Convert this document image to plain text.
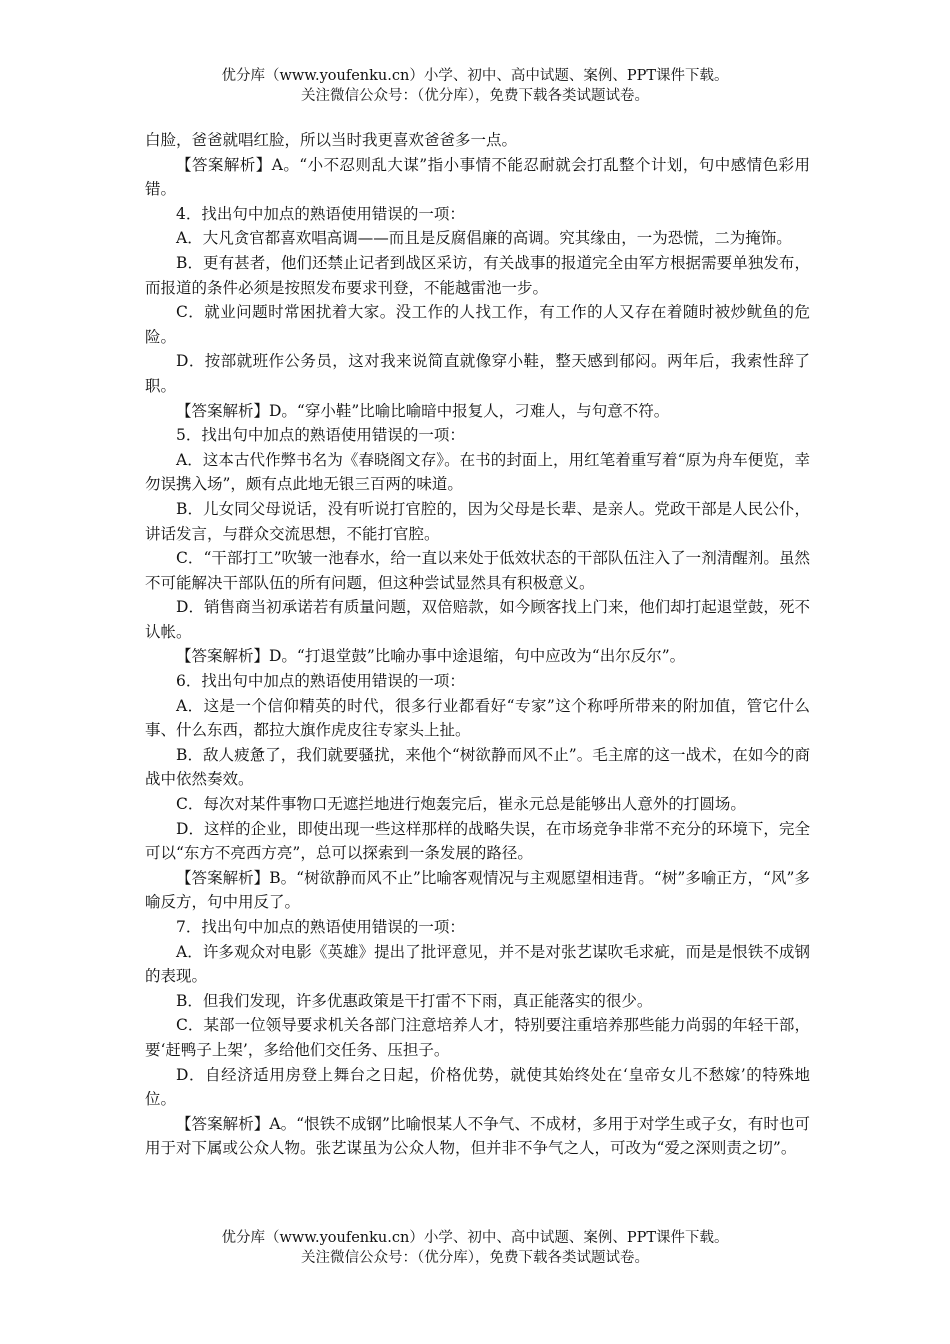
优分库（www.youfenku.cn）小学、初中、高中试题、案例、PPT课件下载。
关注微信公众号：（优分库），免费下载各类试题试卷。

白脸，爸爸就唱红脸，所以当时我更喜欢爸爸多一点。

【答案解析】A。“小不忍则乱大谋”指小事情不能忍耐就会打乱整个计划，句中感情色彩用错。

4．找出句中加点的熟语使用错误的一项：

A．大凡贪官都喜欢唱高调——而且是反腐倡廉的高调。究其缘由，一为恐慌，二为掩饰。

B．更有甚者，他们还禁止记者到战区采访，有关战事的报道完全由军方根据需要单独发布，而报道的条件必须是按照发布要求刊登，不能越雷池一步。

C．就业问题时常困扰着大家。没工作的人找工作，有工作的人又存在着随时被炒鱿鱼的危险。

D．按部就班作公务员，这对我来说简直就像穿小鞋，整天感到郁闷。两年后，我索性辞了职。

【答案解析】D。“穿小鞋”比喻比喻暗中报复人，刁难人，与句意不符。

5．找出句中加点的熟语使用错误的一项：

A．这本古代作弊书名为《春晓阁文存》。在书的封面上，用红笔着重写着“原为舟车便览，幸勿误携入场”，颇有点此地无银三百两的味道。

B．儿女同父母说话，没有听说打官腔的，因为父母是长辈、是亲人。党政干部是人民公仆，讲话发言，与群众交流思想，不能打官腔。

C．“干部打工”吹皱一池春水，给一直以来处于低效状态的干部队伍注入了一剂清醒剂。虽然不可能解决干部队伍的所有问题，但这种尝试显然具有积极意义。

D．销售商当初承诺若有质量问题，双倍赔款，如今顾客找上门来，他们却打起退堂鼓，死不认帐。

【答案解析】D。“打退堂鼓”比喻办事中途退缩，句中应改为“出尔反尔”。

6．找出句中加点的熟语使用错误的一项：

A．这是一个信仰精英的时代，很多行业都看好“专家”这个称呼所带来的附加值，管它什么事、什么东西，都拉大旗作虎皮往专家头上扯。

B．敌人疲惫了，我们就要骚扰，来他个“树欲静而风不止”。毛主席的这一战术，在如今的商战中依然奏效。

C．每次对某件事物口无遮拦地进行炮轰完后，崔永元总是能够出人意外的打圆场。

D．这样的企业，即使出现一些这样那样的战略失误，在市场竞争非常不充分的环境下，完全可以“东方不亮西方亮”，总可以探索到一条发展的路径。

【答案解析】B。“树欲静而风不止”比喻客观情况与主观愿望相违背。“树”多喻正方，“风”多喻反方，句中用反了。

7．找出句中加点的熟语使用错误的一项：

A．许多观众对电影《英雄》提出了批评意见，并不是对张艺谋吹毛求疵，而是是恨铁不成钢的表现。

B．但我们发现，许多优惠政策是干打雷不下雨，真正能落实的很少。

C．某部一位领导要求机关各部门注意培养人才，特别要注重培养那些能力尚弱的年轻干部，要‘赶鸭子上架’，多给他们交任务、压担子。

D．自经济适用房登上舞台之日起，价格优势，就使其始终处在‘皇帝女儿不愁嫁’的特殊地位。

【答案解析】A。“恨铁不成钢”比喻恨某人不争气、不成材，多用于对学生或子女，有时也可用于对下属或公众人物。张艺谋虽为公众人物，但并非不争气之人，可改为“爱之深则责之切”。

优分库（www.youfenku.cn）小学、初中、高中试题、案例、PPT课件下载。
关注微信公众号：（优分库），免费下载各类试题试卷。
